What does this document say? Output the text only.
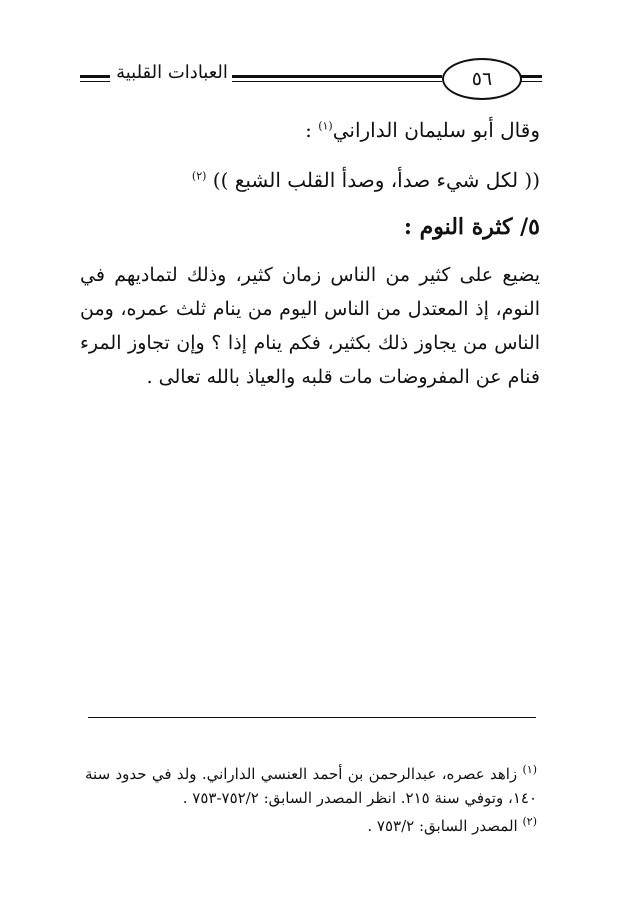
٥٦
العبادات القلبية
وقال أبو سليمان الداراني$^{(١)}$ :
(( لكل شيء صدأ، وصدأ القلب الشبع )) $^{(٢)}$
٥/ كثرة النوم :
يضيع على كثير من الناس زمان كثير، وذلك لتماديهم في النوم، إذ المعتدل من الناس اليوم من ينام ثلث عمره، ومن الناس من يجاوز ذلك بكثير، فكم ينام إذا ؟ وإن تجاوز المرء فنام عن المفروضات مات قلبه والعياذ بالله تعالى .

$^{(١)}$ زاهد عصره، عبدالرحمن بن أحمد العنسي الداراني. ولد في حدود سنة ١٤٠، وتوفي سنة ٢١٥. انظر المصدر السابق: ٧٥٢/٢-٧٥٣ .

$^{(٢)}$ المصدر السابق: ٧٥٣/٢ .
